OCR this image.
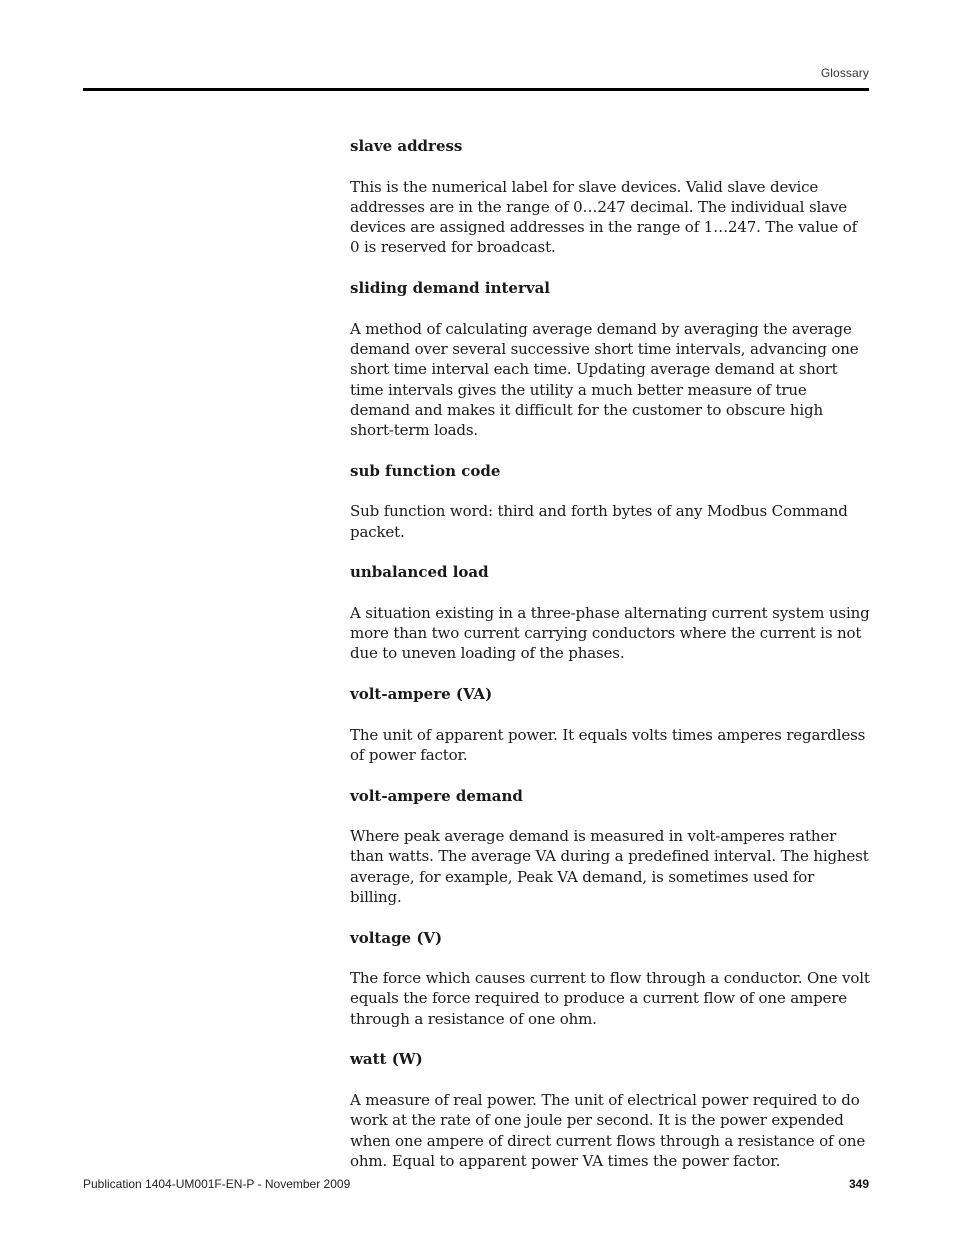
Glossary

slave address

This is the numerical label for slave devices. Valid slave device addresses are in the range of 0…247 decimal. The individual slave devices are assigned addresses in the range of 1…247. The value of 0 is reserved for broadcast.

sliding demand interval

A method of calculating average demand by averaging the average demand over several successive short time intervals, advancing one short time interval each time. Updating average demand at short time intervals gives the utility a much better measure of true demand and makes it difficult for the customer to obscure high short-term loads.

sub function code

Sub function word: third and forth bytes of any Modbus Command packet.

unbalanced load

A situation existing in a three-phase alternating current system using more than two current carrying conductors where the current is not due to uneven loading of the phases.

volt-ampere (VA)

The unit of apparent power. It equals volts times amperes regardless of power factor.

volt-ampere demand

Where peak average demand is measured in volt-amperes rather than watts. The average VA during a predefined interval. The highest average, for example, Peak VA demand, is sometimes used for billing.

voltage (V)

The force which causes current to flow through a conductor. One volt equals the force required to produce a current flow of one ampere through a resistance of one ohm.

watt (W)

A measure of real power. The unit of electrical power required to do work at the rate of one joule per second. It is the power expended when one ampere of direct current flows through a resistance of one ohm. Equal to apparent power VA times the power factor.

Publication 1404-UM001F-EN-P - November 2009	349
